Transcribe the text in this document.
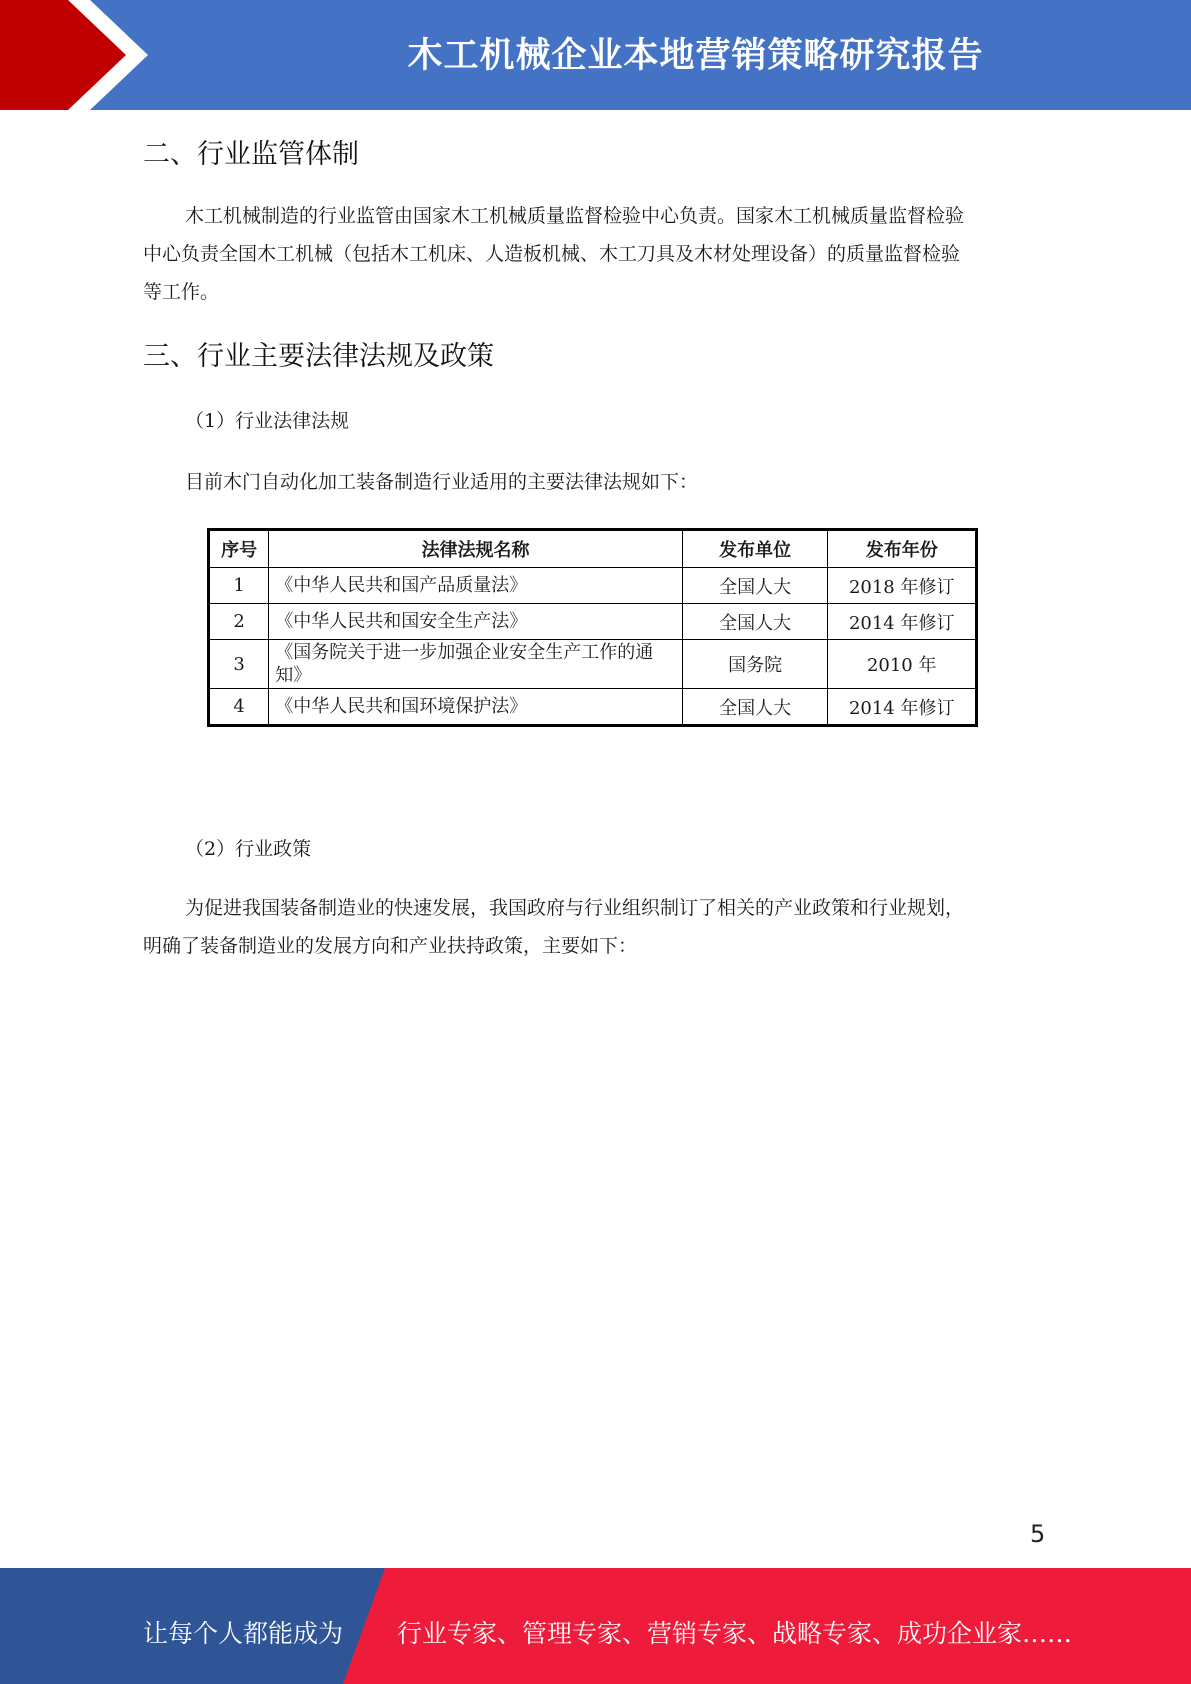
木工机械企业本地营销策略研究报告
二、行业监管体制
木工机械制造的行业监管由国家木工机械质量监督检验中心负责。国家木工机械质量监督检验
中心负责全国木工机械（包括木工机床、人造板机械、木工刀具及木材处理设备）的质量监督检验
等工作。
三、行业主要法律法规及政策
（1）行业法律法规
目前木门自动化加工装备制造行业适用的主要法律法规如下：
序号	法律法规名称	发布单位	发布年份
1	《中华人民共和国产品质量法》	全国人大	2018 年修订
2	《中华人民共和国安全生产法》	全国人大	2014 年修订
3	《国务院关于进一步加强企业安全生产工作的通知》	国务院	2010 年
4	《中华人民共和国环境保护法》	全国人大	2014 年修订
（2）行业政策
为促进我国装备制造业的快速发展，我国政府与行业组织制订了相关的产业政策和行业规划，
明确了装备制造业的发展方向和产业扶持政策，主要如下：
5
让每个人都能成为 行业专家、管理专家、营销专家、战略专家、成功企业家……
